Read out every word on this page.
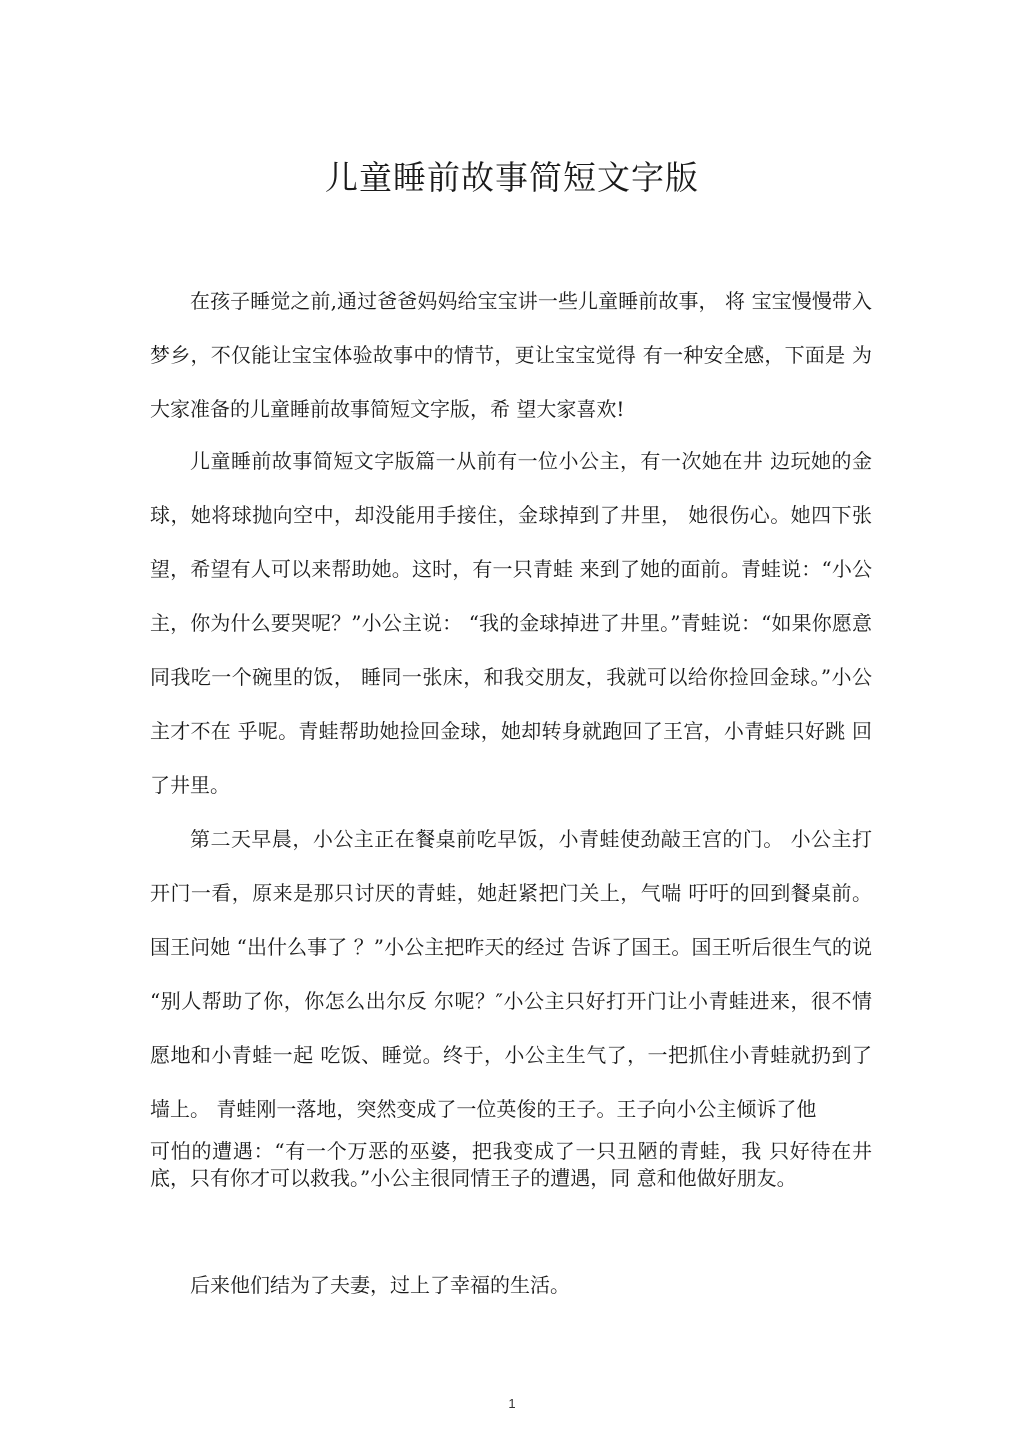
儿童睡前故事简短文字版

在孩子睡觉之前,通过爸爸妈妈给宝宝讲一些儿童睡前故事， 将 宝宝慢慢带入梦乡，不仅能让宝宝体验故事中的情节，更让宝宝觉得 有一种安全感，下面是 为大家准备的儿童睡前故事简短文字版，希 望大家喜欢!

儿童睡前故事简短文字版篇一从前有一位小公主，有一次她在井 边玩她的金球，她将球抛向空中，却没能用手接住，金球掉到了井里， 她很伤心。她四下张望，希望有人可以来帮助她。这时，有一只青蛙 来到了她的面前。青蛙说：“小公主，你为什么要哭呢？”小公主说： “我的金球掉进了井里。”青蛙说：“如果你愿意同我吃一个碗里的饭， 睡同一张床，和我交朋友，我就可以给你捡回金球。”小公主才不在 乎呢。青蛙帮助她捡回金球，她却转身就跑回了王宫，小青蛙只好跳 回了井里。

第二天早晨，小公主正在餐桌前吃早饭，小青蛙使劲敲王宫的门。 小公主打开门一看，原来是那只讨厌的青蛙，她赶紧把门关上，气喘 吁吁的回到餐桌前。国王问她 “出什么事了 ？”小公主把昨天的经过 告诉了国王。国王听后很生气的说 “别人帮助了你，你怎么出尔反 尔呢？″小公主只好打开门让小青蛙进来，很不情愿地和小青蛙一起 吃饭、睡觉。终于，小公主生气了，一把抓住小青蛙就扔到了墙上。 青蛙刚一落地，突然变成了一位英俊的王子。王子向小公主倾诉了他

可怕的遭遇：“有一个万恶的巫婆，把我变成了一只丑陋的青蛙，我 只好待在井底，只有你才可以救我。”小公主很同情王子的遭遇，同 意和他做好朋友。

后来他们结为了夫妻，过上了幸福的生活。

1
